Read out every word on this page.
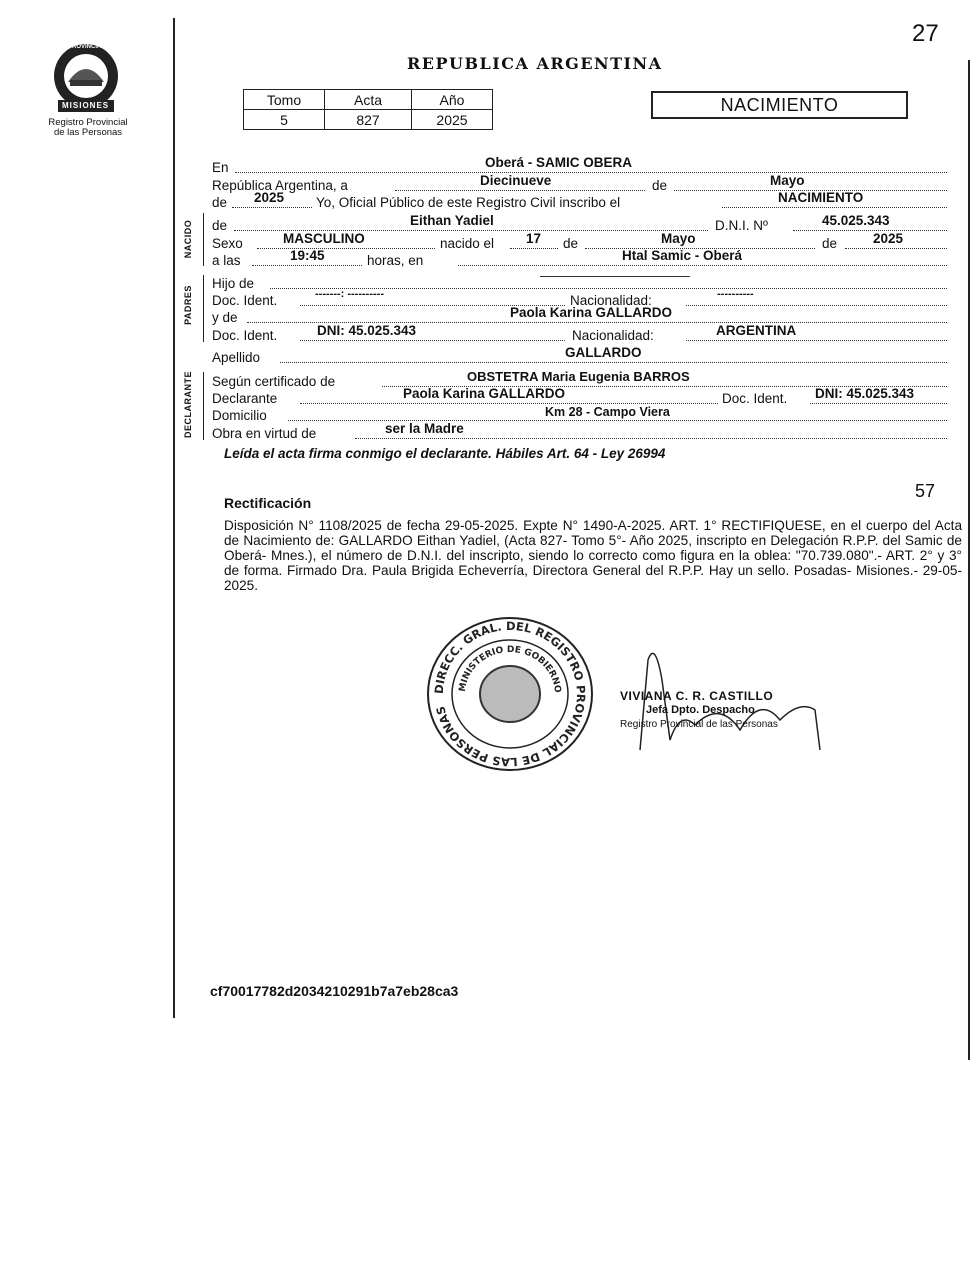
27
PROVINCIA DE
MISIONES
Registro Provincial
de las Personas
REPUBLICA ARGENTINA
Tomo	Acta	Año
5	827	2025
NACIMIENTO
En	Oberá - SAMIC OBERA
República Argentina, a	Diecinueve	de	Mayo
de 2025 Yo, Oficial Público de este Registro Civil inscribo el	NACIMIENTO
NACIDO de	Eithan Yadiel	D.N.I. Nº	45.025.343
Sexo	MASCULINO	nacido el 17 de	Mayo	de	2025
a las	19:45	horas, en	Htal Samic - Oberá
PADRES
Hijo de
Doc. Ident.	-------: ----------	Nacionalidad:	----------
y de	Paola Karina GALLARDO
Doc. Ident.	DNI: 45.025.343	Nacionalidad:	ARGENTINA
Apellido	GALLARDO
DECLARANTE Según certificado de	OBSTETRA Maria Eugenia BARROS
Declarante	Paola Karina GALLARDO	Doc. Ident. DNI: 45.025.343
Domicilio	Km 28 - Campo Viera
Obra en virtud de	ser la Madre
Leída el acta firma conmigo el declarante. Hábiles Art. 64 - Ley 26994
57
Rectificación
Disposición N° 1108/2025 de fecha 29-05-2025. Expte N° 1490-A-2025. ART. 1° RECTIFIQUESE, en el cuerpo del Acta de Nacimiento de: GALLARDO Eithan Yadiel, (Acta 827- Tomo 5°- Año 2025, inscripto en Delegación R.P.P. del Samic de Oberá- Mnes.), el número de D.N.I. del inscripto, siendo lo correcto como figura en la oblea: "70.739.080".- ART. 2° y 3° de forma. Firmado Dra. Paula Brigida Echeverría, Directora General del R.P.P. Hay un sello. Posadas- Misiones.- 29-05-2025.
DIRECC. GRAL. DEL REGISTRO PROVINCIAL DE LAS PERSONAS
MINISTERIO DE GOBIERNO
VIVIANA C. R. CASTILLO
Jefa Dpto. Despacho
Registro Provincial de las Personas
cf70017782d2034210291b7a7eb28ca3
